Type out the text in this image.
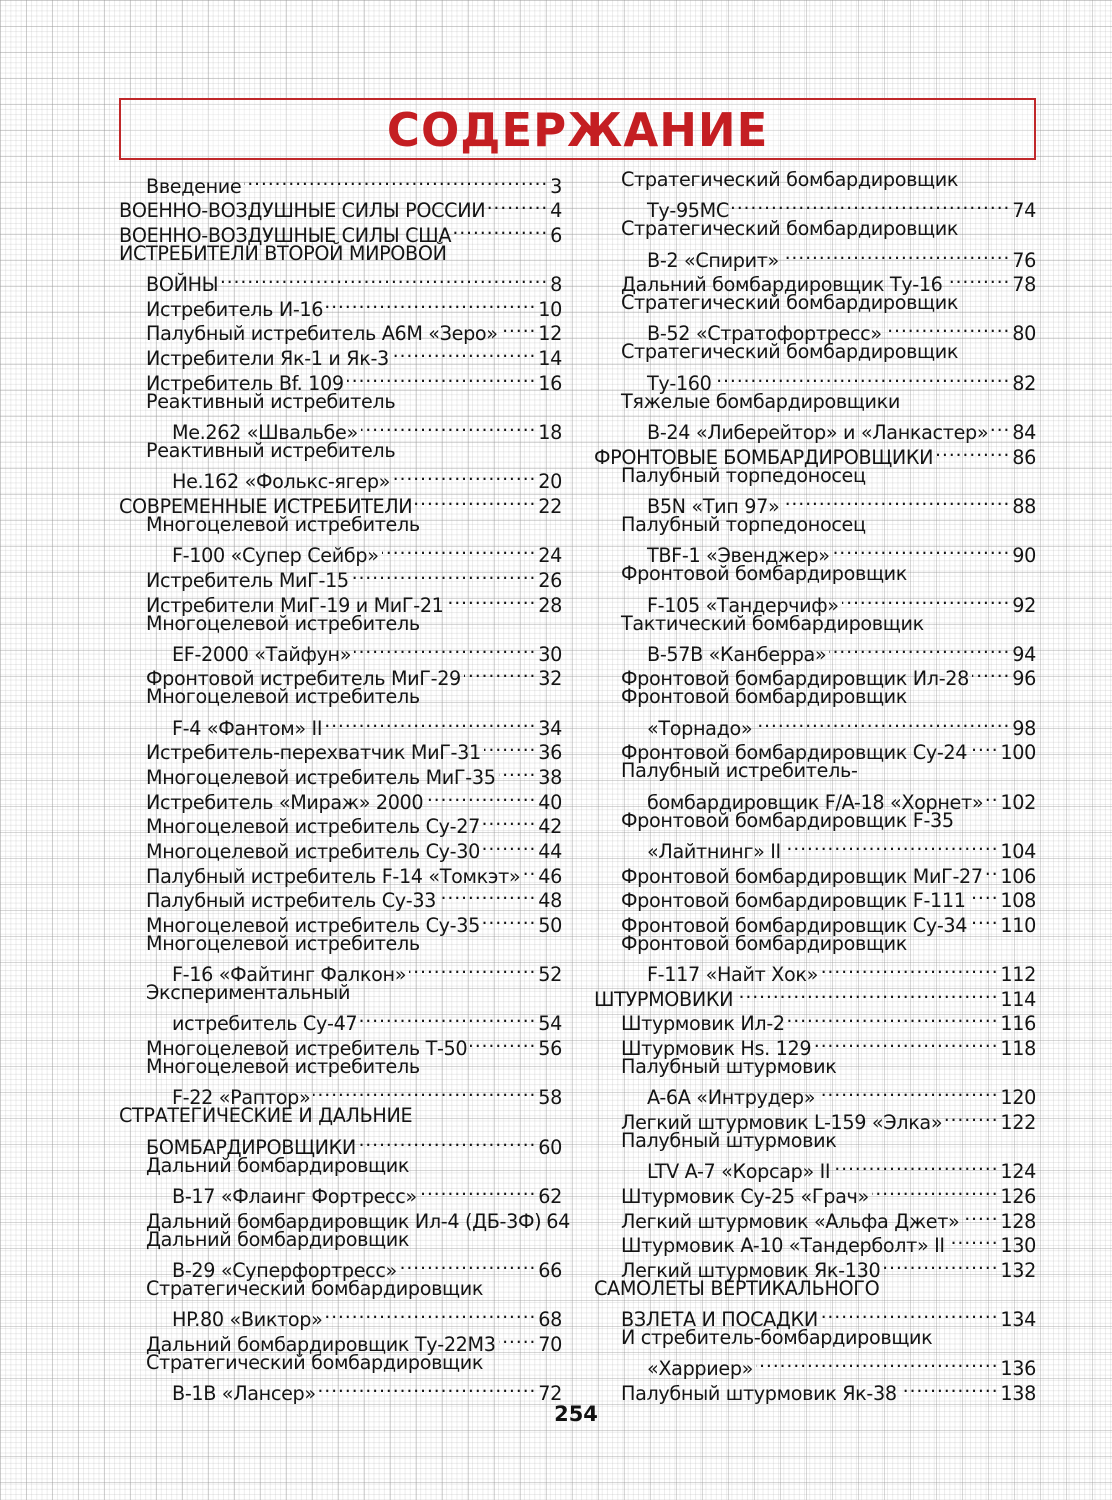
СОДЕРЖАНИЕ
Введение .....	3
ВОЕННО-ВОЗДУШНЫЕ СИЛЫ РОССИИ .....	4
ВОЕННО-ВОЗДУШНЫЕ СИЛЫ США .....	6
ИСТРЕБИТЕЛИ ВТОРОЙ МИРОВОЙ
ВОЙНЫ .....	8
Истребитель И-16 .....	10
Палубный истребитель A6M «Зеро» ..... 12
Истребители Як-1 и Як-3 .....	14
Истребитель Bf. 109 .....	16
Реактивный истребитель
Me.262 «Швальбе» .....	18
Реактивный истребитель
He.162 «Фолькс-ягер» .....	20
СОВРЕМЕННЫЕ ИСТРЕБИТЕЛИ .....	22
Многоцелевой истребитель
F-100 «Супер Сейбр» .....	24
Истребитель МиГ-15 .....	26
Истребители МиГ-19 и МиГ-21 .....	28
Многоцелевой истребитель
EF-2000 «Тайфун» .....	30
Фронтовой истребитель МиГ-29 .....	32
Многоцелевой истребитель
F-4 «Фантом» II .....	34
Истребитель-перехватчик МиГ-31 .....	36
Многоцелевой истребитель МиГ-35 ..... 38
Истребитель «Мираж» 2000 .....	40
Многоцелевой истребитель Су-27 .....	42
Многоцелевой истребитель Су-30 .....	44
Палубный истребитель F-14 «Томкэт» ..... 46
Палубный истребитель Су-33 .....	48
Многоцелевой истребитель Су-35 .....	50
Многоцелевой истребитель
F-16 «Файтинг Фалкон» .....	52
Экспериментальный
истребитель Су-47 .....	54
Многоцелевой истребитель Т-50 .....	56
Многоцелевой истребитель
F-22 «Раптор» .....	58
СТРАТЕГИЧЕСКИЕ И ДАЛЬНИЕ
БОМБАРДИРОВЩИКИ .....	60
Дальний бомбардировщик
B-17 «Флаинг Фортресс» .....	62
Дальний бомбардировщик Ил-4 (ДБ-3Ф) 64
Дальний бомбардировщик
B-29 «Суперфортресс» .....	66
Стратегический бомбардировщик
HP.80 «Виктор» .....	68
Дальний бомбардировщик Ту-22М3 ..... 70
Стратегический бомбардировщик
B-1B «Лансер» .....	72
Стратегический бомбардировщик
Ту-95МС .....	74
Стратегический бомбардировщик
B-2 «Спирит» .....	76
Дальний бомбардировщик Ту-16 .....	78
Стратегический бомбардировщик
B-52 «Стратофортресс» .....	80
Стратегический бомбардировщик
Ту-160 .....	82
Тяжелые бомбардировщики
B-24 «Либерейтор» и «Ланкастер» ..... 84
ФРОНТОВЫЕ БОМБАРДИРОВЩИКИ .....	86
Палубный торпедоносец
B5N «Тип 97» .....	88
Палубный торпедоносец
TBF-1 «Эвенджер» .....	90
Фронтовой бомбардировщик
F-105 «Тандерчиф» .....	92
Тактический бомбардировщик
B-57B «Канберра» .....	94
Фронтовой бомбардировщик Ил-28 ..... 96
Фронтовой бомбардировщик
«Торнадо» .....	98
Фронтовой бомбардировщик Су-24 ..... 100
Палубный истребитель-
бомбардировщик F/A-18 «Хорнет» ..... 102
Фронтовой бомбардировщик F-35
«Лайтнинг» II .....	104
Фронтовой бомбардировщик МиГ-27 ..... 106
Фронтовой бомбардировщик F-111 ..... 108
Фронтовой бомбардировщик Су-34 ..... 110
Фронтовой бомбардировщик
F-117 «Найт Хок» .....	112
ШТУРМОВИКИ .....	114
Штурмовик Ил-2 .....	116
Штурмовик Hs. 129 .....	118
Палубный штурмовик
A-6A «Интрудер» .....	120
Легкий штурмовик L-159 «Элка» .....	122
Палубный штурмовик
LTV A-7 «Корсар» II .....	124
Штурмовик Су-25 «Грач» .....	126
Легкий штурмовик «Альфа Джет» ..... 128
Штурмовик A-10 «Тандерболт» II .....	130
Легкий штурмовик Як-130 .....	132
САМОЛЕТЫ ВЕРТИКАЛЬНОГО
ВЗЛЕТА И ПОСАДКИ .....	134
И стребитель-бомбардировщик
«Харриер» .....	136
Палубный штурмовик Як-38 .....	138
254
